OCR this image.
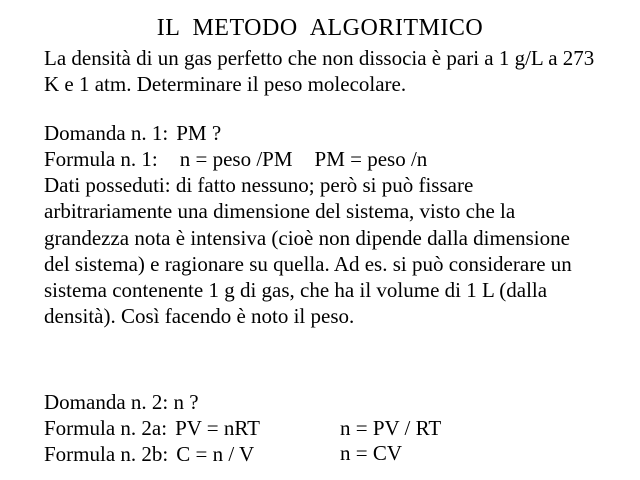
IL METODO ALGORITMICO
La densità di un gas perfetto che non dissocia è pari a 1 g/L a 273 K e 1 atm. Determinare il peso molecolare.
Domanda n. 1: PM ?
Formula n. 1: n = peso /PM PM = peso /n
Dati posseduti: di fatto nessuno; però si può fissare arbitrariamente una dimensione del sistema, visto che la grandezza nota è intensiva (cioè non dipende dalla dimensione del sistema) e ragionare su quella. Ad es. si può considerare un sistema contenente 1 g di gas, che ha il volume di 1 L (dalla densità). Così facendo è noto il peso.
Domanda n. 2: n ?
Formula n. 2a: PV = nRT	n = PV / RT
Formula n. 2b: C = n / V	n = CV
